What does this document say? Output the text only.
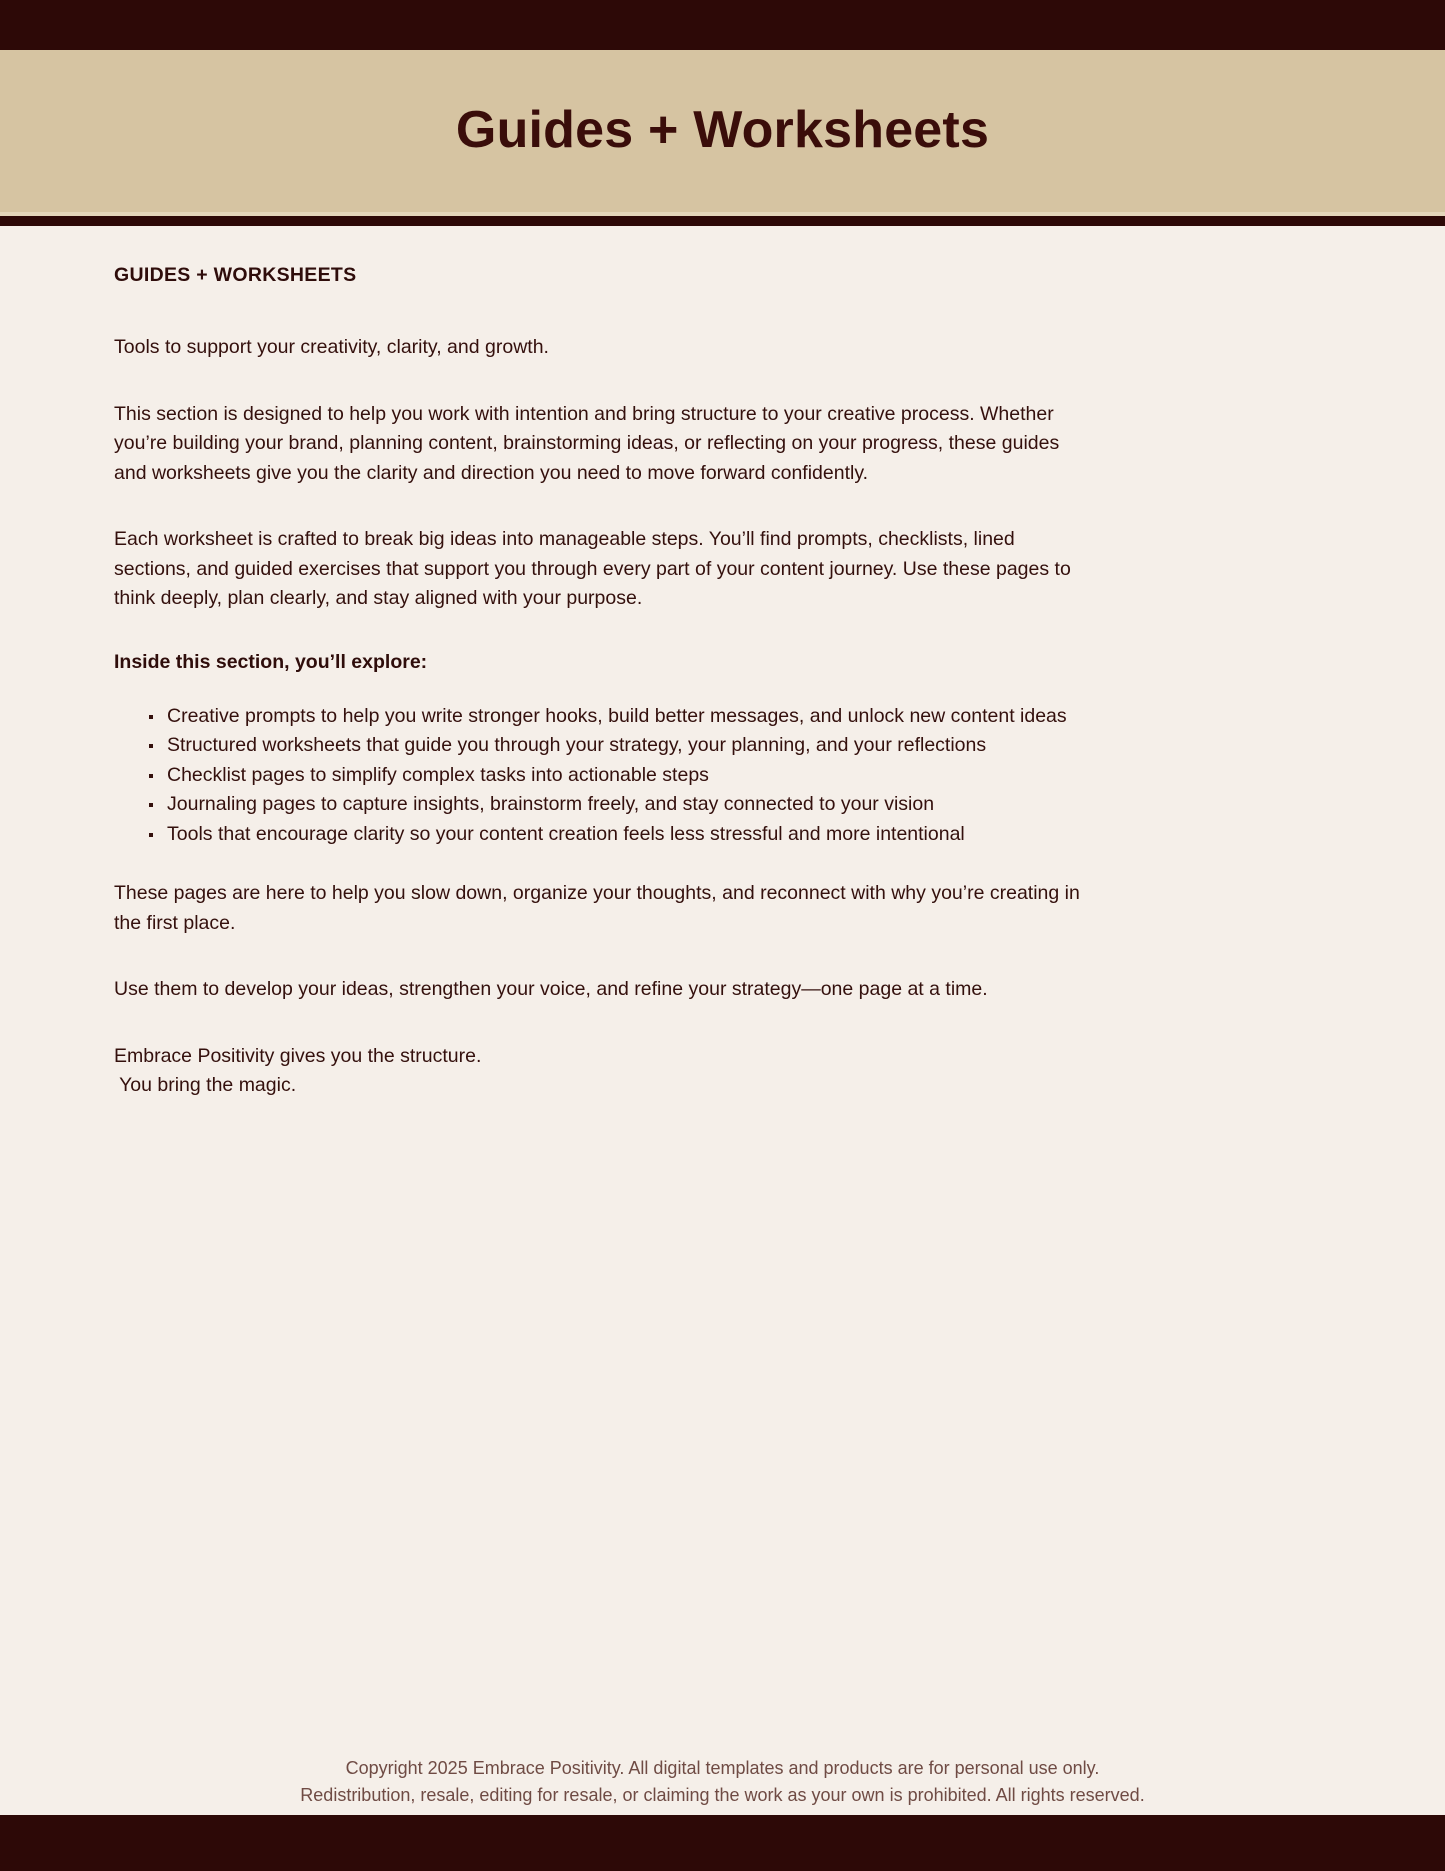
Guides + Worksheets
GUIDES + WORKSHEETS

Tools to support your creativity, clarity, and growth.

This section is designed to help you work with intention and bring structure to your creative process. Whether you’re building your brand, planning content, brainstorming ideas, or reflecting on your progress, these guides and worksheets give you the clarity and direction you need to move forward confidently.

Each worksheet is crafted to break big ideas into manageable steps. You’ll find prompts, checklists, lined sections, and guided exercises that support you through every part of your content journey. Use these pages to think deeply, plan clearly, and stay aligned with your purpose.

Inside this section, you’ll explore:
Creative prompts to help you write stronger hooks, build better messages, and unlock new content ideas
Structured worksheets that guide you through your strategy, your planning, and your reflections
Checklist pages to simplify complex tasks into actionable steps
Journaling pages to capture insights, brainstorm freely, and stay connected to your vision
Tools that encourage clarity so your content creation feels less stressful and more intentional

These pages are here to help you slow down, organize your thoughts, and reconnect with why you’re creating in the first place.

Use them to develop your ideas, strengthen your voice, and refine your strategy—one page at a time.

Embrace Positivity gives you the structure.
You bring the magic.
Copyright 2025 Embrace Positivity. All digital templates and products are for personal use only.
Redistribution, resale, editing for resale, or claiming the work as your own is prohibited. All rights reserved.
